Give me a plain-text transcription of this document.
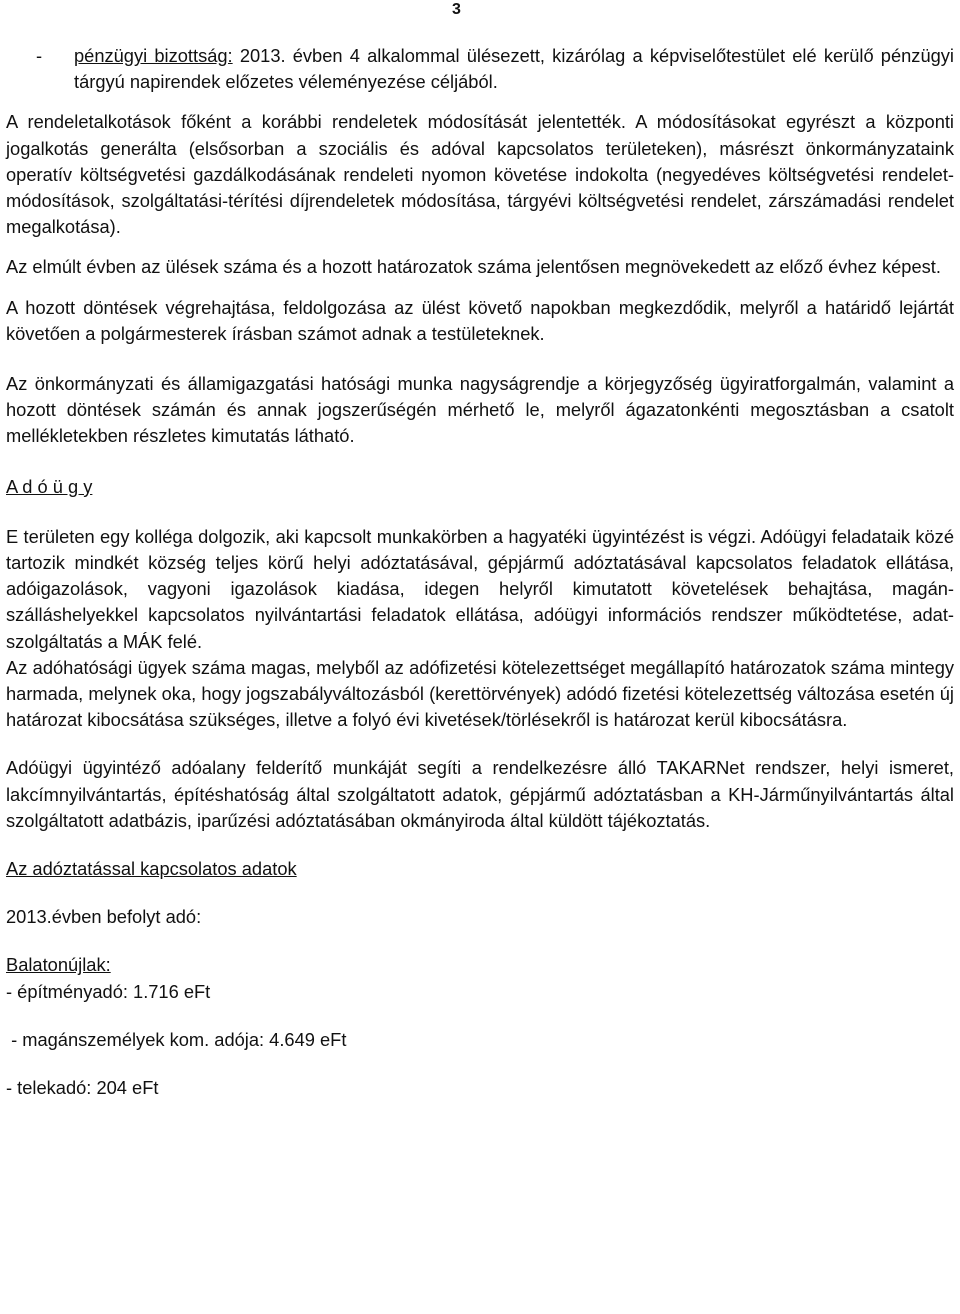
3
-	pénzügyi bizottság: 2013. évben 4 alkalommal ülésezett, kizárólag a képviselőtestület elé kerülő pénzügyi tárgyú napirendek előzetes véleményezése céljából.

A rendeletalkotások főként a korábbi rendeletek módosítását jelentették. A módosításokat egyrészt a központi jogalkotás generálta (elsősorban a szociális és adóval kapcsolatos területeken), másrészt önkormányzataink operatív költségvetési gazdálkodásának rendeleti nyomon követése indokolta (negyedéves költségvetési rendelet-módosítások, szolgáltatási-térítési díjrendeletek módosítása, tárgyévi költségvetési rendelet, zárszámadási rendelet megalkotása).

Az elmúlt évben az ülések száma és a hozott határozatok száma jelentősen megnövekedett az előző évhez képest.

A hozott döntések végrehajtása, feldolgozása az ülést követő napokban megkezdődik, melyről a határidő lejártát követően a polgármesterek írásban számot adnak a testületeknek.

Az önkormányzati és államigazgatási hatósági munka nagyságrendje a körjegyzőség ügyiratforgalmán, valamint a hozott döntések számán és annak jogszerűségén mérhető le, melyről ágazatonkénti megosztásban a csatolt mellékletekben részletes kimutatás látható.

A d ó ü g y

E területen egy kolléga dolgozik, aki kapcsolt munkakörben a hagyatéki ügyintézést is végzi. Adóügyi feladataik közé tartozik mindkét község teljes körű helyi adóztatásával, gépjármű adóztatásával kapcsolatos feladatok ellátása, adóigazolások, vagyoni igazolások kiadása, idegen helyről kimutatott követelések behajtása, magán-szálláshelyekkel kapcsolatos nyilvántartási feladatok ellátása, adóügyi információs rendszer működtetése, adat-szolgáltatás a MÁK felé.

Az adóhatósági ügyek száma magas, melyből az adófizetési kötelezettséget megállapító határozatok száma mintegy harmada, melynek oka, hogy jogszabályváltozásból (kerettörvények) adódó fizetési kötelezettség változása esetén új határozat kibocsátása szükséges, illetve a folyó évi kivetések/törlésekről is határozat kerül kibocsátásra.

Adóügyi ügyintéző adóalany felderítő munkáját segíti a rendelkezésre álló TAKARNet rendszer, helyi ismeret, lakcímnyilvántartás, építéshatóság által szolgáltatott adatok, gépjármű adóztatásban a KH-Járműnyilvántartás által szolgáltatott adatbázis, iparűzési adóztatásában okmányiroda által küldött tájékoztatás.

Az adóztatással kapcsolatos adatok

2013.évben befolyt adó:

Balatonújlak:

- építményadó: 1.716 eFt

- magánszemélyek kom. adója: 4.649 eFt

- telekadó: 204 eFt
